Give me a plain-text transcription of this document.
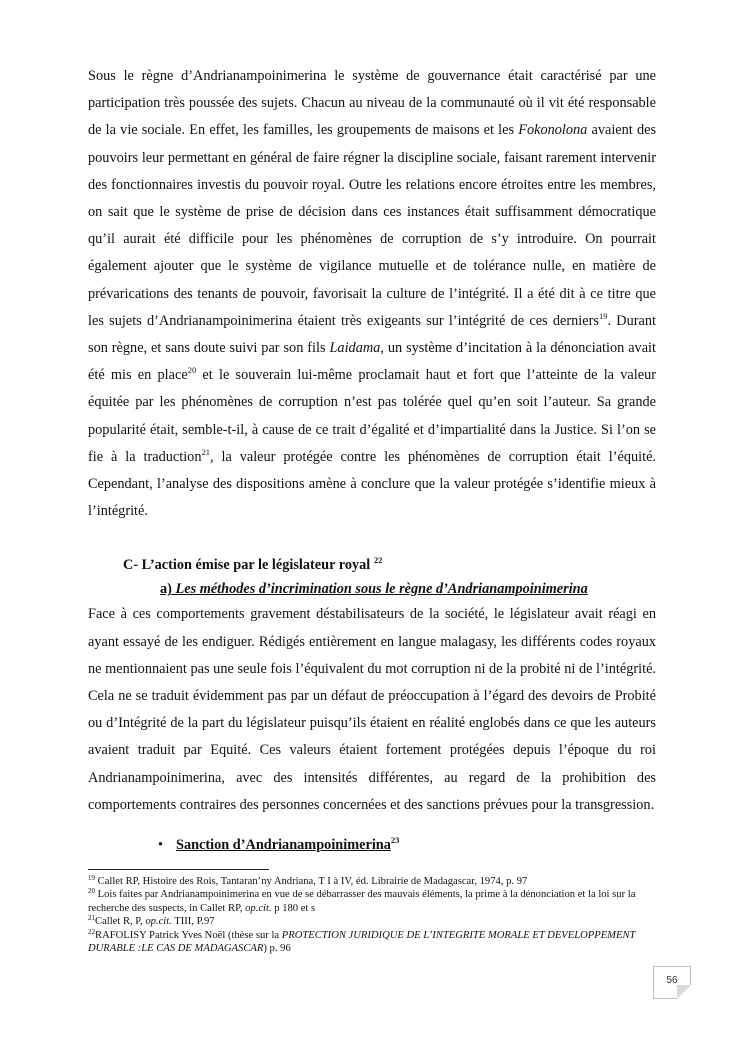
Sous le règne d’Andrianampoinimerina le système de gouvernance était caractérisé par une participation très poussée des sujets. Chacun au niveau de la communauté où il vit été responsable de la vie sociale. En effet, les familles, les groupements de maisons et les Fokonolona avaient des pouvoirs leur permettant en général de faire régner la discipline sociale, faisant rarement intervenir des fonctionnaires investis du pouvoir royal. Outre les relations encore étroites entre les membres, on sait que le système de prise de décision dans ces instances était suffisamment démocratique qu’il aurait été difficile pour les phénomènes de corruption de s’y introduire. On pourrait également ajouter que le système de vigilance mutuelle et de tolérance nulle, en matière de prévarications des tenants de pouvoir, favorisait la culture de l’intégrité. Il a été dit à ce titre que les sujets d’Andrianampoinimerina étaient très exigeants sur l’intégrité de ces derniers$^{19}$. Durant son règne, et sans doute suivi par son fils Laidama, un système d’incitation à la dénonciation avait été mis en place$^{20}$ et le souverain lui-même proclamait haut et fort que l’atteinte de la valeur équitée par les phénomènes de corruption n’est pas tolérée quel qu’en soit l’auteur. Sa grande popularité était, semble-t-il, à cause de ce trait d’égalité et d’impartialité dans la Justice. Si l’on se fie à la traduction$^{21}$, la valeur protégée contre les phénomènes de corruption était l’équité. Cependant, l’analyse des dispositions amène à conclure que la valeur protégée s’identifie mieux à l’intégrité.

C- L’action émise par le législateur royal $^{22}$
a) Les méthodes d’incrimination sous le règne d’Andrianampoinimerina

Face à ces comportements gravement déstabilisateurs de la société, le législateur avait réagi en ayant essayé de les endiguer. Rédigés entièrement en langue malagasy, les différents codes royaux ne mentionnaient pas une seule fois l’équivalent du mot corruption ni de la probité ni de l’intégrité. Cela ne se traduit évidemment pas par un défaut de préoccupation à l’égard des devoirs de Probité ou d’Intégrité de la part du législateur puisqu’ils étaient en réalité englobés dans ce que les auteurs avaient traduit par Equité. Ces valeurs étaient fortement protégées depuis l’époque du roi Andrianampoinimerina, avec des intensités différentes, au regard de la prohibition des comportements contraires des personnes concernées et des sanctions prévues pour la transgression.

• Sanction d’Andrianampoinimerina$^{23}$

$^{19}$ Callet RP, Histoire des Rois, Tantaran’ny Andriana, T I à IV, éd. Librairie de Madagascar, 1974, p. 97

$^{20}$ Lois faites par Andrianampoinimerina en vue de se débarrasser des mauvais éléments, la prime à la dénonciation et la loi sur la recherche des suspects, in Callet RP, op.cit. p 180 et s

$^{21}$Callet R, P, op.cit. TIII, P.97

$^{22}$RAFOLISY Patrick Yves Noël (thèse sur la PROTECTION JURIDIQUE DE L’INTEGRITE MORALE ET DEVELOPPEMENT DURABLE :LE CAS DE MADAGASCAR) p. 96

56
